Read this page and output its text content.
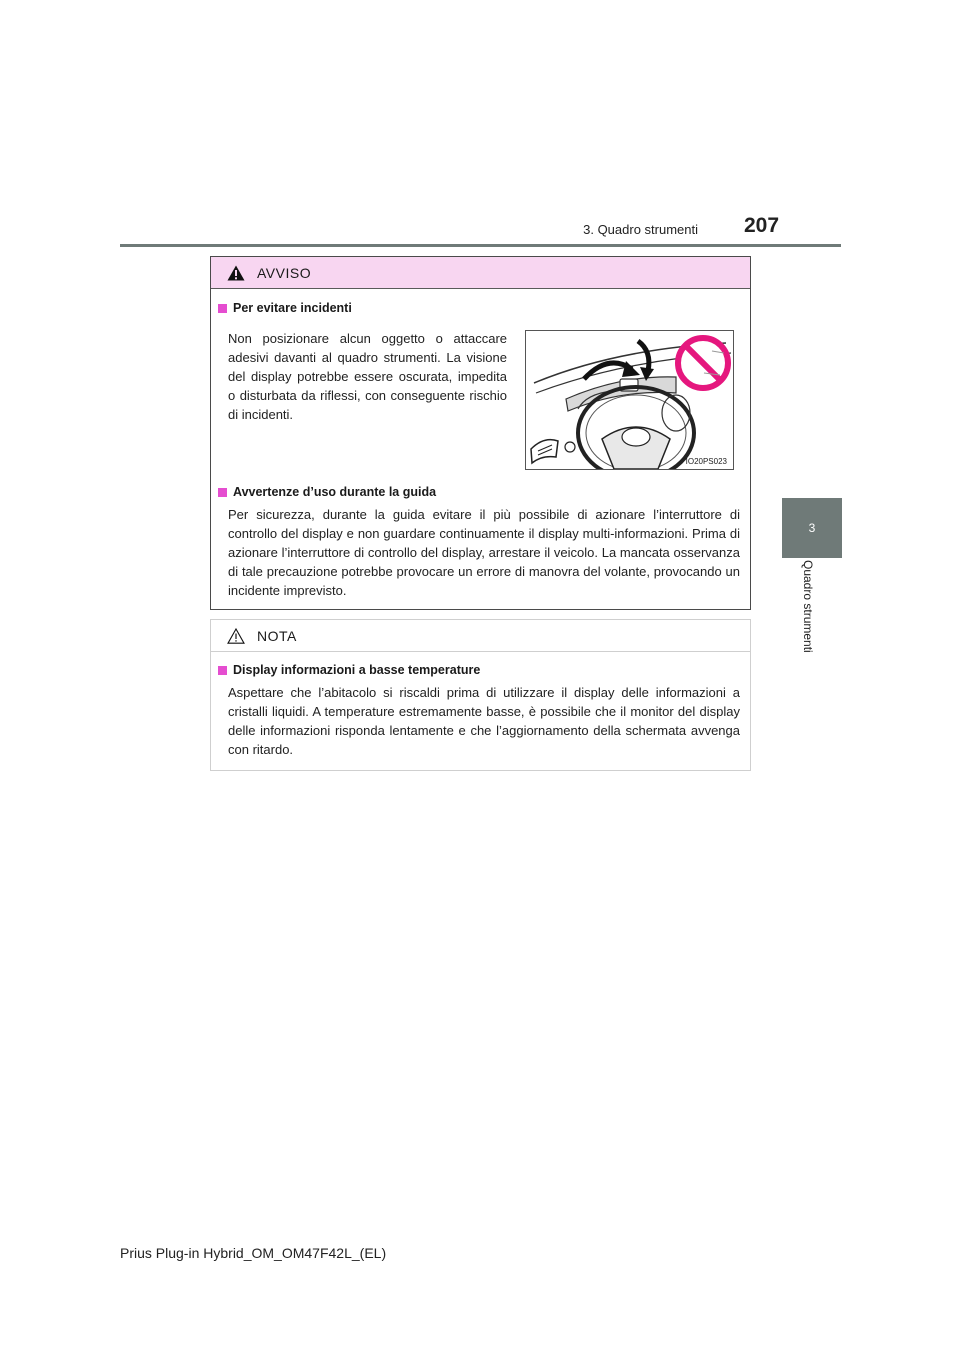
3. Quadro strumenti 207
3
Quadro strumenti
AVVISO
Per evitare incidenti
Non posizionare alcun oggetto o attaccare adesivi davanti al quadro strumenti. La visione del display potrebbe essere oscurata, impedita o disturbata da riflessi, con conseguente rischio di incidenti.
IO20PS023
Avvertenze d’uso durante la guida
Per sicurezza, durante la guida evitare il più possibile di azionare l’interruttore di controllo del display e non guardare continuamente il display multi-informazioni. Prima di azionare l’interruttore di controllo del display, arrestare il veicolo. La mancata osservanza di tale precauzione potrebbe provocare un errore di manovra del volante, provocando un incidente imprevisto.
NOTA
Display informazioni a basse temperature
Aspettare che l’abitacolo si riscaldi prima di utilizzare il display delle informazioni a cristalli liquidi. A temperature estremamente basse, è possibile che il monitor del display delle informazioni risponda lentamente e che l’aggiornamento della schermata avvenga con ritardo.
Prius Plug-in Hybrid_OM_OM47F42L_(EL)
